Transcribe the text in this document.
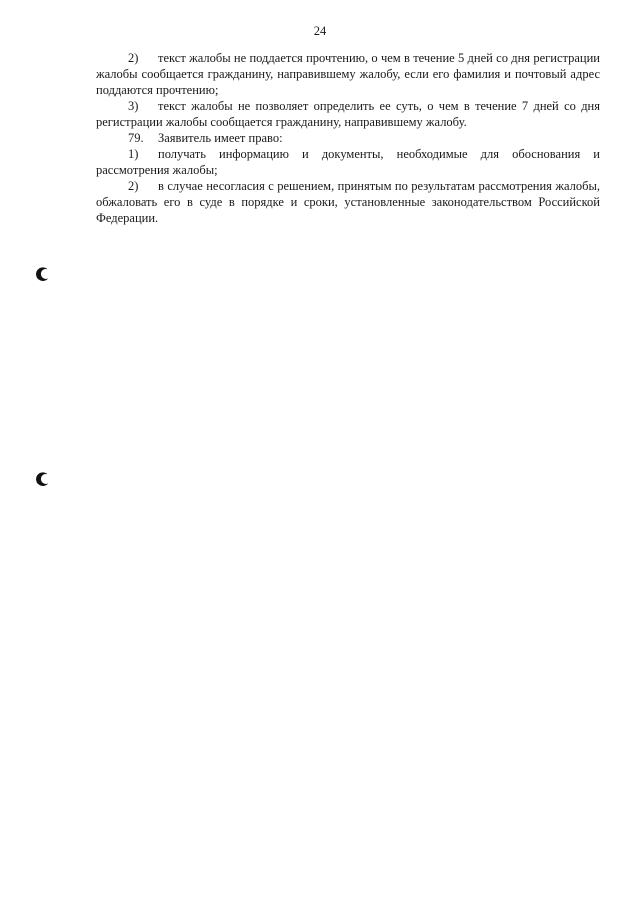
24

2) текст жалобы не поддается прочтению, о чем в течение 5 дней со дня регистрации жалобы сообщается гражданину, направившему жалобу, если его фамилия и почтовый адрес поддаются прочтению;

3) текст жалобы не позволяет определить ее суть, о чем в течение 7 дней со дня регистрации жалобы сообщается гражданину, направившему жалобу.

79. Заявитель имеет право:

1) получать информацию и документы, необходимые для обоснования и рассмотрения жалобы;

2) в случае несогласия с решением, принятым по результатам рассмотрения жалобы, обжаловать его в суде в порядке и сроки, установленные законодательством Российской Федерации.
